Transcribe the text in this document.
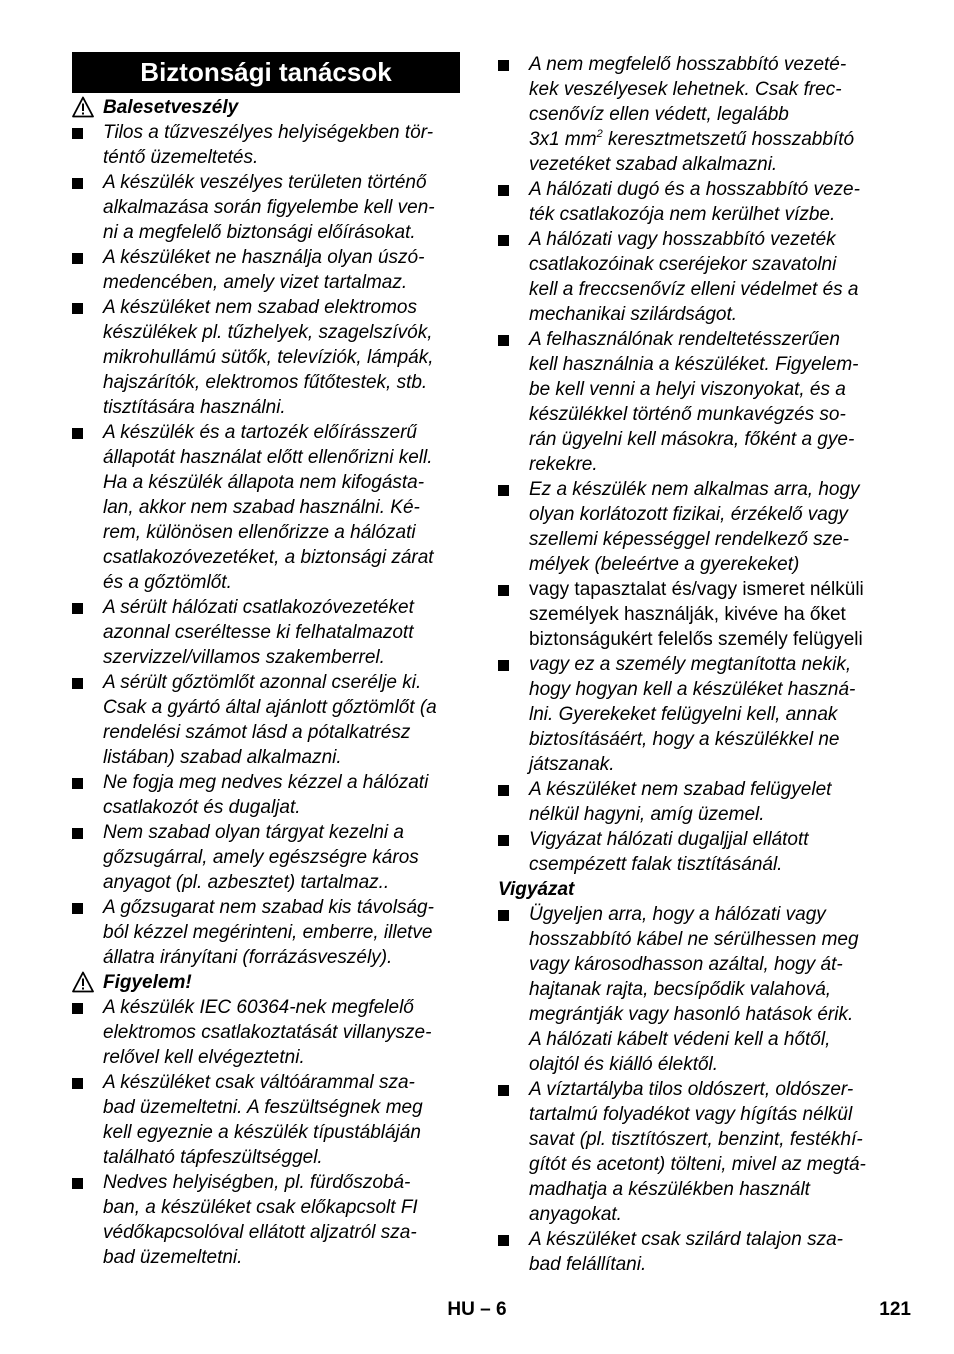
Biztonsági tanácsok
Balesetveszély
Tilos a tűzveszélyes helyiségekben tör-
téntő üzemeltetés.
A készülék veszélyes területen történő
alkalmazása során figyelembe kell ven-
ni a megfelelő biztonsági előírásokat.
A készüléket ne használja olyan úszó-
medencében, amely vizet tartalmaz.
A készüléket nem szabad elektromos
készülékek pl. tűzhelyek, szagelszívók,
mikrohullámú sütők, televíziók, lámpák,
hajszárítók, elektromos fűtőtestek, stb.
tisztítására használni.
A készülék és a tartozék előírásszerű
állapotát használat előtt ellenőrizni kell.
Ha a készülék állapota nem kifogásta-
lan, akkor nem szabad használni. Ké-
rem, különösen ellenőrizze a hálózati
csatlakozóvezetéket, a biztonsági zárat
és a gőztömlőt.
A sérült hálózati csatlakozóvezetéket
azonnal cseréltesse ki felhatalmazott
szervizzel/villamos szakemberrel.
A sérült gőztömlőt azonnal cserélje ki.
Csak a gyártó által ajánlott gőztömlőt (a
rendelési számot lásd a pótalkatrész
listában) szabad alkalmazni.
Ne fogja meg nedves kézzel a hálózati
csatlakozót és dugaljat.
Nem szabad olyan tárgyat kezelni a
gőzsugárral, amely egészségre káros
anyagot (pl. azbesztet) tartalmaz..
A gőzsugarat nem szabad kis távolság-
ból kézzel megérinteni, emberre, illetve
állatra irányítani (forrázásveszély).
Figyelem!
A készülék IEC 60364-nek megfelelő
elektromos csatlakoztatását villanysze-
relővel kell elvégeztetni.
A készüléket csak váltóárammal sza-
bad üzemeltetni. A feszültségnek meg
kell egyeznie a készülék típustábláján
található tápfeszültséggel.
Nedves helyiségben, pl. fürdőszobá-
ban, a készüléket csak előkapcsolt FI
védőkapcsolóval ellátott aljzatról sza-
bad üzemeltetni.
A nem megfelelő hosszabbító vezeté-
kek veszélyesek lehetnek. Csak frec-
csenővíz ellen védett, legalább
3x1 $mm^2$ keresztmetszetű hosszabbító
vezetéket szabad alkalmazni.
A hálózati dugó és a hosszabbító veze-
ték csatlakozója nem kerülhet vízbe.
A hálózati vagy hosszabbító vezeték
csatlakozóinak cseréjekor szavatolni
kell a freccsenővíz elleni védelmet és a
mechanikai szilárdságot.
A felhasználónak rendeltetésszerűen
kell használnia a készüléket. Figyelem-
be kell venni a helyi viszonyokat, és a
készülékkel történő munkavégzés so-
rán ügyelni kell másokra, főként a gye-
rekekre.
Ez a készülék nem alkalmas arra, hogy
olyan korlátozott fizikai, érzékelő vagy
szellemi képességgel rendelkező sze-
mélyek (beleértve a gyerekeket)
vagy tapasztalat és/vagy ismeret nélküli
személyek használják, kivéve ha őket
biztonságukért felelős személy felügyeli
vagy ez a személy megtanította nekik,
hogy hogyan kell a készüléket haszná-
lni. Gyerekeket felügyelni kell, annak
biztosításáért, hogy a készülékkel ne
játszanak.
A készüléket nem szabad felügyelet
nélkül hagyni, amíg üzemel.
Vigyázat hálózati dugaljjal ellátott
csempézett falak tisztításánál.
Vigyázat
Ügyeljen arra, hogy a hálózati vagy
hosszabbító kábel ne sérülhessen meg
vagy károsodhasson azáltal, hogy át-
hajtanak rajta, becsípődik valahová,
megrántják vagy hasonló hatások érik.
A hálózati kábelt védeni kell a hőtől,
olajtól és kiálló élektől.
A víztartályba tilos oldószert, oldószer-
tartalmú folyadékot vagy hígítás nélkül
savat (pl. tisztítószert, benzint, festékhí-
gítót és acetont) tölteni, mivel az megtá-
madhatja a készülékben használt
anyagokat.
A készüléket csak szilárd talajon sza-
bad felállítani.
HU – 6	121
